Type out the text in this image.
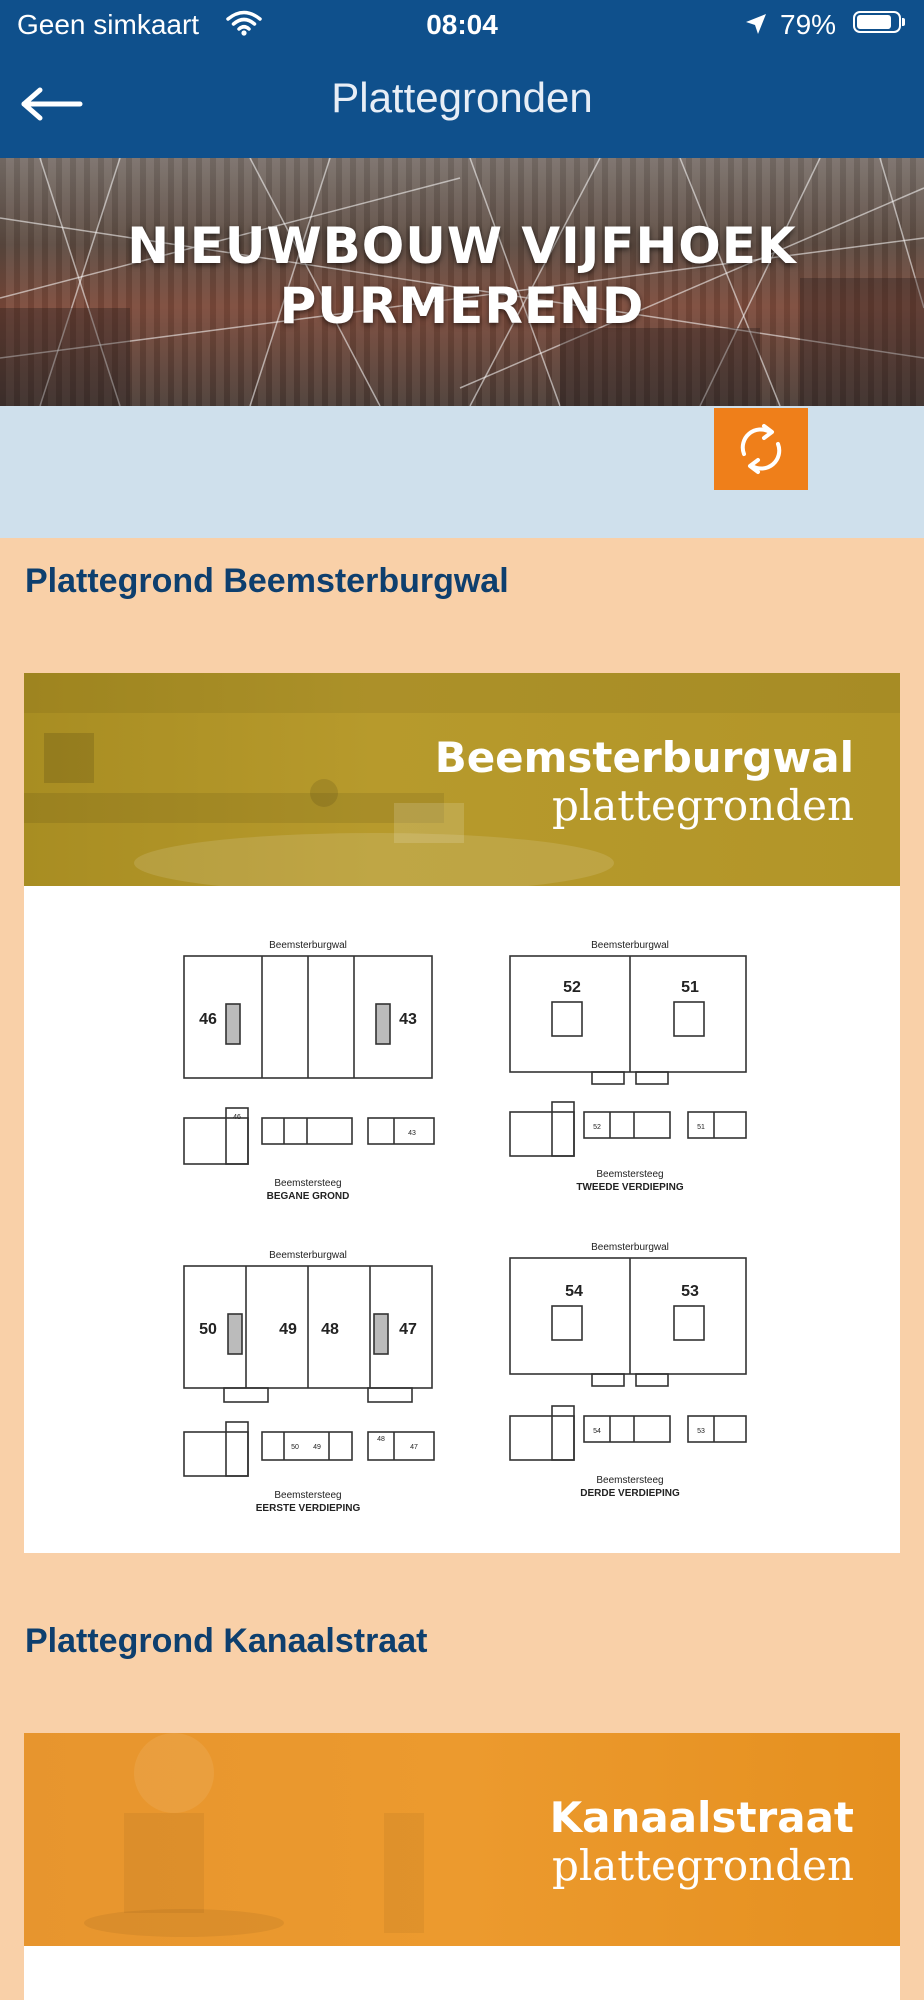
Geen simkaart	08:04	79%
Plattegronden
NIEUWBOUW VIJFHOEK
PURMEREND
Plattegrond Beemsterburgwal
Beemsterburgwal
plattegronden
Beemsterburgwal
46	43
46
43
Beemstersteeg
BEGANE GROND
Beemsterburgwal
52	51
52	51
Beemstersteeg
TWEEDE VERDIEPING
Beemsterburgwal
50	49 48	47
48
47
50 49
Beemstersteeg
EERSTE VERDIEPING
Beemsterburgwal
54	53
54	53
Beemstersteeg
DERDE VERDIEPING
Plattegrond Kanaalstraat
Kanaalstraat
plattegronden
